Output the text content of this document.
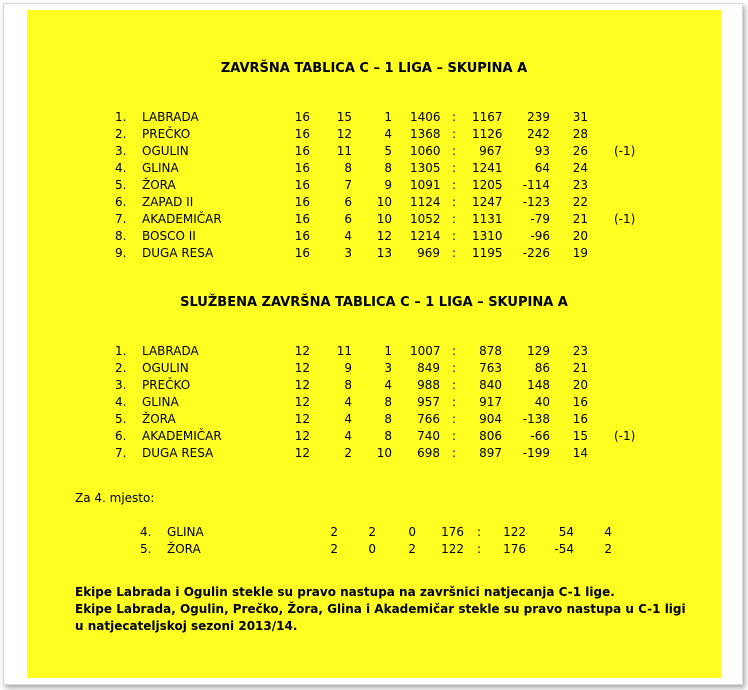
ZAVRŠNA TABLICA C – 1 LIGA – SKUPINA A
1.	LABRADA	16	15	1 1406 :	1167	239	31
2.	PREČKO	16	12	4 1368 :	1126	242	28
3.	OGULIN	16	11	5 1060 :	967	93	26 (-1)
4.	GLINA	16	8	8 1305 :	1241	64	24
5.	ŽORA	16	7	9 1091 :	1205 -114	23
6.	ZAPAD II	16	6	10 1124 :	1247 -123	22
7.	AKADEMIČAR	16	6	10 1052 :	1131	-79	21 (-1)
8.	BOSCO II	16	4	12 1214 :	1310	-96	20
9.	DUGA RESA	16	3	13	969 :	1195 -226	19
SLUŽBENA ZAVRŠNA TABLICA C – 1 LIGA – SKUPINA A
1.	LABRADA	12	11	1 1007 :	878	129	23
2.	OGULIN	12	9	3	849 :	763	86	21
3.	PREČKO	12	8	4	988 :	840	148	20
4.	GLINA	12	4	8	957 :	917	40	16
5.	ŽORA	12	4	8	766 :	904 -138	16
6.	AKADEMIČAR	12	4	8	740 :	806	-66	15 (-1)
7.	DUGA RESA	12	2	10	698 :	897 -199	14
Za 4. mjesto:
4.	GLINA	2	2	0 176 :	122	54	4
5.	ŽORA	2	0	2 122 :	176	-54	2
Ekipe Labrada i Ogulin stekle su pravo nastupa na završnici natjecanja C-1 lige.
Ekipe Labrada, Ogulin, Prečko, Žora, Glina i Akademičar stekle su pravo nastupa u C-1 ligi
u natjecateljskoj sezoni 2013/14.
